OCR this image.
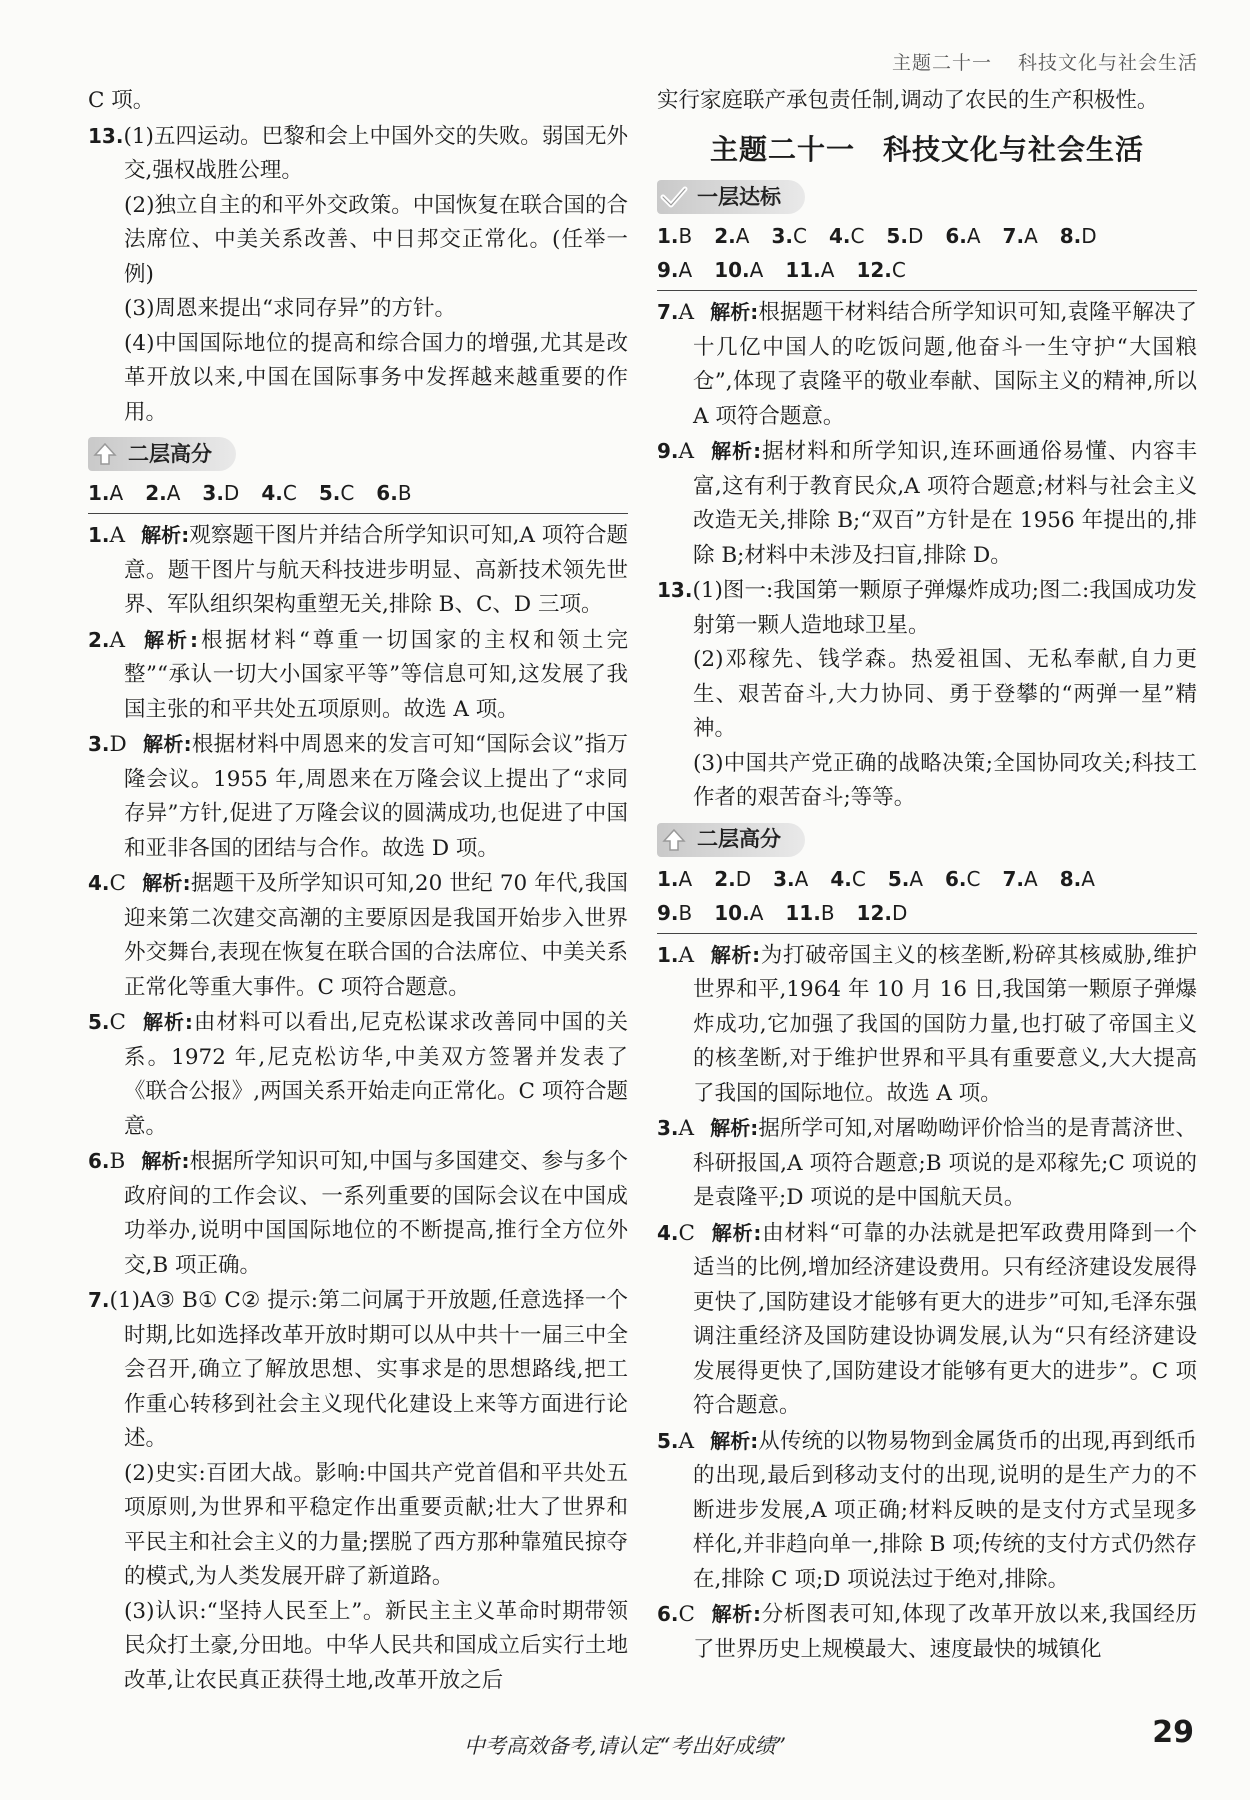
主题二十一 科技文化与社会生活
C 项。
13.(1)五四运动。巴黎和会上中国外交的失败。弱国无外交,强权战胜公理。
(2)独立自主的和平外交政策。中国恢复在联合国的合法席位、中美关系改善、中日邦交正常化。(任举一例)
(3)周恩来提出“求同存异”的方针。
(4)中国国际地位的提高和综合国力的增强,尤其是改革开放以来,中国在国际事务中发挥越来越重要的作用。
二层高分
1.A 2.A 3.D 4.C 5.C 6.B
1.A 解析:观察题干图片并结合所学知识可知,A 项符合题意。题干图片与航天科技进步明显、高新技术领先世界、军队组织架构重塑无关,排除 B、C、D 三项。
2.A 解析:根据材料“尊重一切国家的主权和领土完整”“承认一切大小国家平等”等信息可知,这发展了我国主张的和平共处五项原则。故选 A 项。
3.D 解析:根据材料中周恩来的发言可知“国际会议”指万隆会议。1955 年,周恩来在万隆会议上提出了“求同存异”方针,促进了万隆会议的圆满成功,也促进了中国和亚非各国的团结与合作。故选 D 项。
4.C 解析:据题干及所学知识可知,20 世纪 70 年代,我国迎来第二次建交高潮的主要原因是我国开始步入世界外交舞台,表现在恢复在联合国的合法席位、中美关系正常化等重大事件。C 项符合题意。
5.C 解析:由材料可以看出,尼克松谋求改善同中国的关系。1972 年,尼克松访华,中美双方签署并发表了《联合公报》,两国关系开始走向正常化。C 项符合题意。
6.B 解析:根据所学知识可知,中国与多国建交、参与多个政府间的工作会议、一系列重要的国际会议在中国成功举办,说明中国国际地位的不断提高,推行全方位外交,B 项正确。
7.(1)A③ B① C② 提示:第二问属于开放题,任意选择一个时期,比如选择改革开放时期可以从中共十一届三中全会召开,确立了解放思想、实事求是的思想路线,把工作重心转移到社会主义现代化建设上来等方面进行论述。
(2)史实:百团大战。影响:中国共产党首倡和平共处五项原则,为世界和平稳定作出重要贡献;壮大了世界和平民主和社会主义的力量;摆脱了西方那种靠殖民掠夺的模式,为人类发展开辟了新道路。
(3)认识:“坚持人民至上”。新民主主义革命时期带领民众打土豪,分田地。中华人民共和国成立后实行土地改革,让农民真正获得土地,改革开放之后
实行家庭联产承包责任制,调动了农民的生产积极性。
主题二十一 科技文化与社会生活
一层达标
1.B 2.A 3.C 4.C 5.D 6.A 7.A 8.D
9.A 10.A 11.A 12.C
7.A 解析:根据题干材料结合所学知识可知,袁隆平解决了十几亿中国人的吃饭问题,他奋斗一生守护“大国粮仓”,体现了袁隆平的敬业奉献、国际主义的精神,所以 A 项符合题意。
9.A 解析:据材料和所学知识,连环画通俗易懂、内容丰富,这有利于教育民众,A 项符合题意;材料与社会主义改造无关,排除 B;“双百”方针是在 1956 年提出的,排除 B;材料中未涉及扫盲,排除 D。
13.(1)图一:我国第一颗原子弹爆炸成功;图二:我国成功发射第一颗人造地球卫星。
(2)邓稼先、钱学森。热爱祖国、无私奉献,自力更生、艰苦奋斗,大力协同、勇于登攀的“两弹一星”精神。
(3)中国共产党正确的战略决策;全国协同攻关;科技工作者的艰苦奋斗;等等。
二层高分
1.A 2.D 3.A 4.C 5.A 6.C 7.A 8.A
9.B 10.A 11.B 12.D
1.A 解析:为打破帝国主义的核垄断,粉碎其核威胁,维护世界和平,1964 年 10 月 16 日,我国第一颗原子弹爆炸成功,它加强了我国的国防力量,也打破了帝国主义的核垄断,对于维护世界和平具有重要意义,大大提高了我国的国际地位。故选 A 项。
3.A 解析:据所学可知,对屠呦呦评价恰当的是青蒿济世、科研报国,A 项符合题意;B 项说的是邓稼先;C 项说的是袁隆平;D 项说的是中国航天员。
4.C 解析:由材料“可靠的办法就是把军政费用降到一个适当的比例,增加经济建设费用。只有经济建设发展得更快了,国防建设才能够有更大的进步”可知,毛泽东强调注重经济及国防建设协调发展,认为“只有经济建设发展得更快了,国防建设才能够有更大的进步”。C 项符合题意。
5.A 解析:从传统的以物易物到金属货币的出现,再到纸币的出现,最后到移动支付的出现,说明的是生产力的不断进步发展,A 项正确;材料反映的是支付方式呈现多样化,并非趋向单一,排除 B 项;传统的支付方式仍然存在,排除 C 项;D 项说法过于绝对,排除。
6.C 解析:分析图表可知,体现了改革开放以来,我国经历了世界历史上规模最大、速度最快的城镇化
中考高效备考,请认定“考出好成绩”	29
